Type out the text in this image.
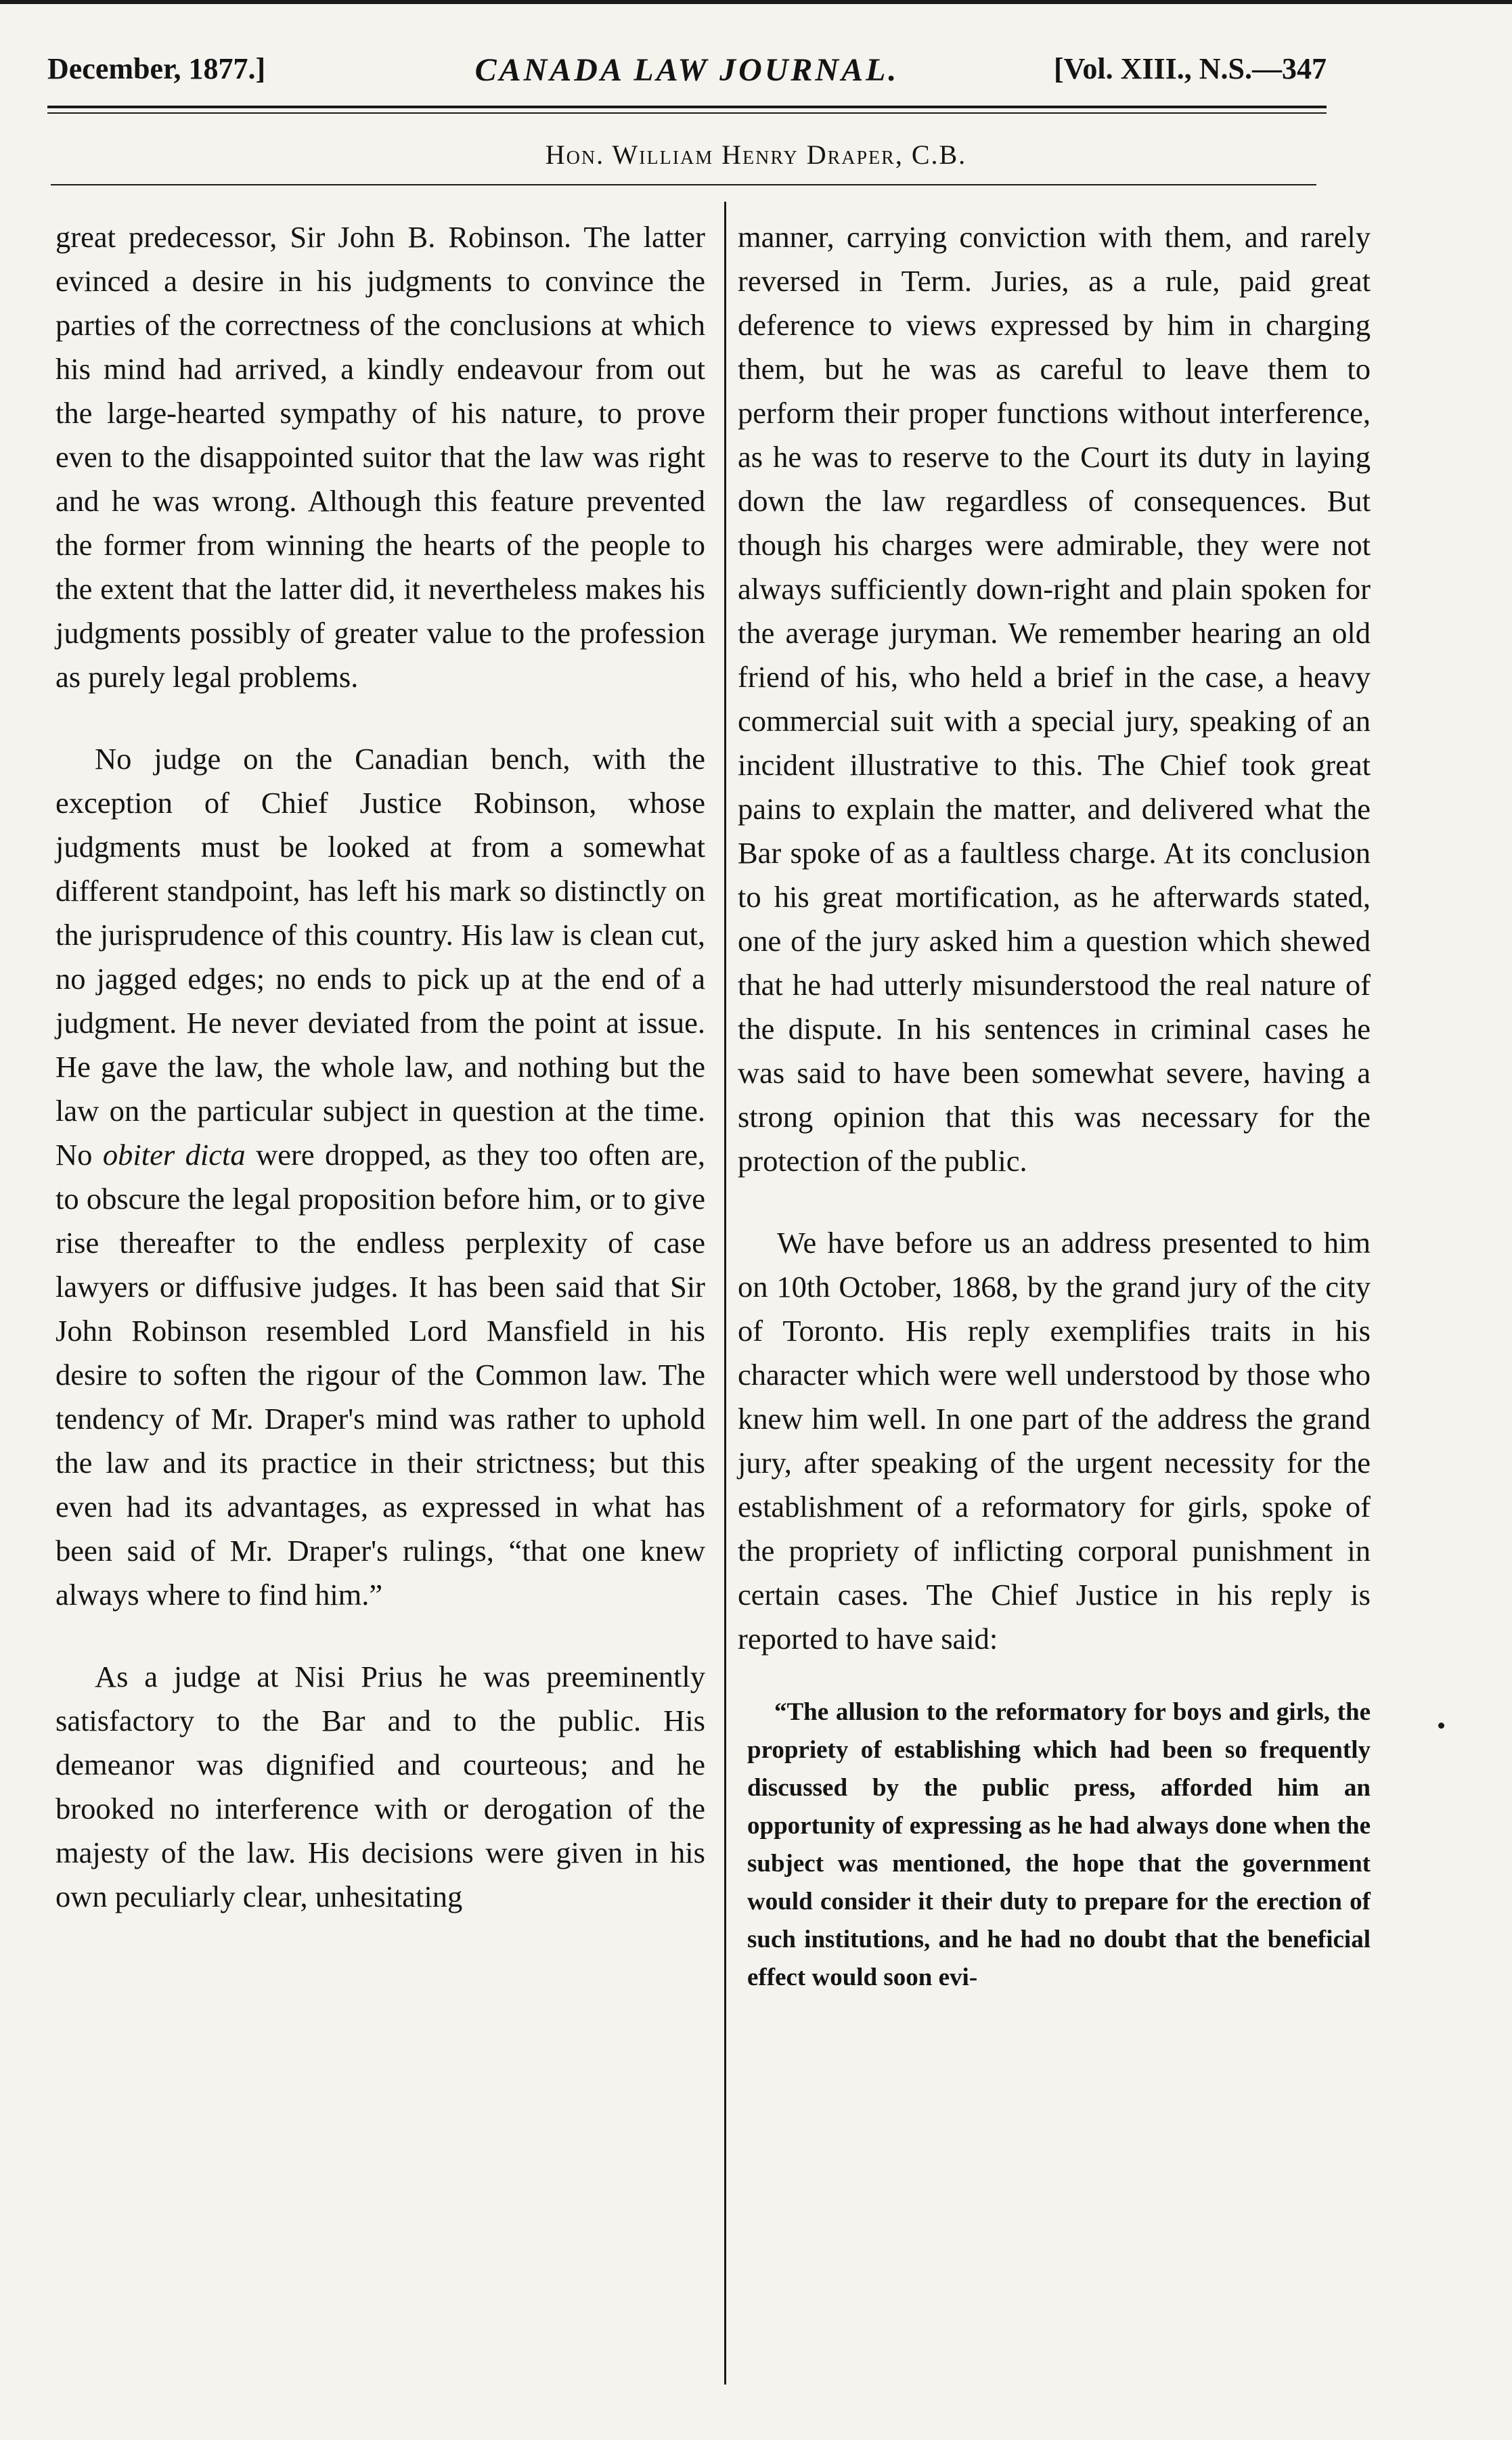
December, 1877.]	CANADA LAW JOURNAL.	[Vol. XIII., N.S.—347
Hon. William Henry Draper, C.B.

great predecessor, Sir John B. Robinson. The latter evinced a desire in his judgments to convince the parties of the correctness of the conclusions at which his mind had arrived, a kindly endeavour from out the large-hearted sympathy of his nature, to prove even to the disappointed suitor that the law was right and he was wrong. Although this feature prevented the former from winning the hearts of the people to the extent that the latter did, it nevertheless makes his judgments possibly of greater value to the profession as purely legal problems.

No judge on the Canadian bench, with the exception of Chief Justice Robinson, whose judgments must be looked at from a somewhat different standpoint, has left his mark so distinctly on the jurisprudence of this country. His law is clean cut, no jagged edges; no ends to pick up at the end of a judgment. He never deviated from the point at issue. He gave the law, the whole law, and nothing but the law on the particular subject in question at the time. No obiter dicta were dropped, as they too often are, to obscure the legal proposition before him, or to give rise thereafter to the endless perplexity of case lawyers or diffusive judges. It has been said that Sir John Robinson resembled Lord Mansfield in his desire to soften the rigour of the Common law. The tendency of Mr. Draper's mind was rather to uphold the law and its practice in their strictness; but this even had its advantages, as expressed in what has been said of Mr. Draper's rulings, “that one knew always where to find him.”

As a judge at Nisi Prius he was preeminently satisfactory to the Bar and to the public. His demeanor was dignified and courteous; and he brooked no interference with or derogation of the majesty of the law. His decisions were given in his own peculiarly clear, unhesitating

manner, carrying conviction with them, and rarely reversed in Term. Juries, as a rule, paid great deference to views expressed by him in charging them, but he was as careful to leave them to perform their proper functions without interference, as he was to reserve to the Court its duty in laying down the law regardless of consequences. But though his charges were admirable, they were not always sufficiently down-right and plain spoken for the average juryman. We remember hearing an old friend of his, who held a brief in the case, a heavy commercial suit with a special jury, speaking of an incident illustrative to this. The Chief took great pains to explain the matter, and delivered what the Bar spoke of as a faultless charge. At its conclusion to his great mortification, as he afterwards stated, one of the jury asked him a question which shewed that he had utterly misunderstood the real nature of the dispute. In his sentences in criminal cases he was said to have been somewhat severe, having a strong opinion that this was necessary for the protection of the public.

We have before us an address presented to him on 10th October, 1868, by the grand jury of the city of Toronto. His reply exemplifies traits in his character which were well understood by those who knew him well. In one part of the address the grand jury, after speaking of the urgent necessity for the establishment of a reformatory for girls, spoke of the propriety of inflicting corporal punishment in certain cases. The Chief Justice in his reply is reported to have said:

“The allusion to the reformatory for boys and girls, the propriety of establishing which had been so frequently discussed by the public press, afforded him an opportunity of expressing as he had always done when the subject was mentioned, the hope that the government would consider it their duty to prepare for the erection of such institutions, and he had no doubt that the beneficial effect would soon evi-
